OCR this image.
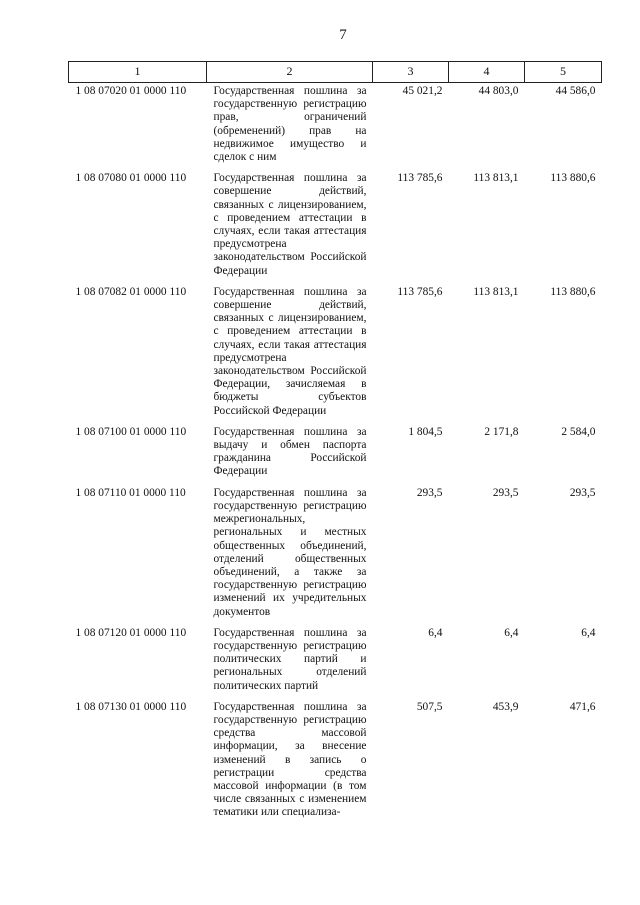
7
1	2	3	4	5
1 08 07020 01 0000 110	Государственная пошлина за государственную регистрацию прав, ограничений (обременений) прав на недвижимое имущество и сделок с ним	45 021,2	44 803,0	44 586,0
1 08 07080 01 0000 110	Государственная пошлина за совершение действий, связанных с лицензированием, с проведением аттестации в случаях, если такая аттестация предусмотрена законодательством Российской Федерации	113 785,6	113 813,1	113 880,6
1 08 07082 01 0000 110	Государственная пошлина за совершение действий, связанных с лицензированием, с проведением аттестации в случаях, если такая аттестация предусмотрена законодательством Российской Федерации, зачисляемая в бюджеты субъектов Российской Федерации	113 785,6	113 813,1	113 880,6
1 08 07100 01 0000 110	Государственная пошлина за выдачу и обмен паспорта гражданина Российской Федерации	1 804,5	2 171,8	2 584,0
1 08 07110 01 0000 110	Государственная пошлина за государственную регистрацию межрегиональных, региональных и местных общественных объединений, отделений общественных объединений, а также за государственную регистрацию изменений их учредительных документов	293,5	293,5	293,5
1 08 07120 01 0000 110	Государственная пошлина за государственную регистрацию политических партий и региональных отделений политических партий	6,4	6,4	6,4
1 08 07130 01 0000 110	Государственная пошлина за государственную регистрацию средства массовой информации, за внесение изменений в запись о регистрации средства массовой информации (в том числе связанных с изменением тематики или специализа-	507,5	453,9	471,6
